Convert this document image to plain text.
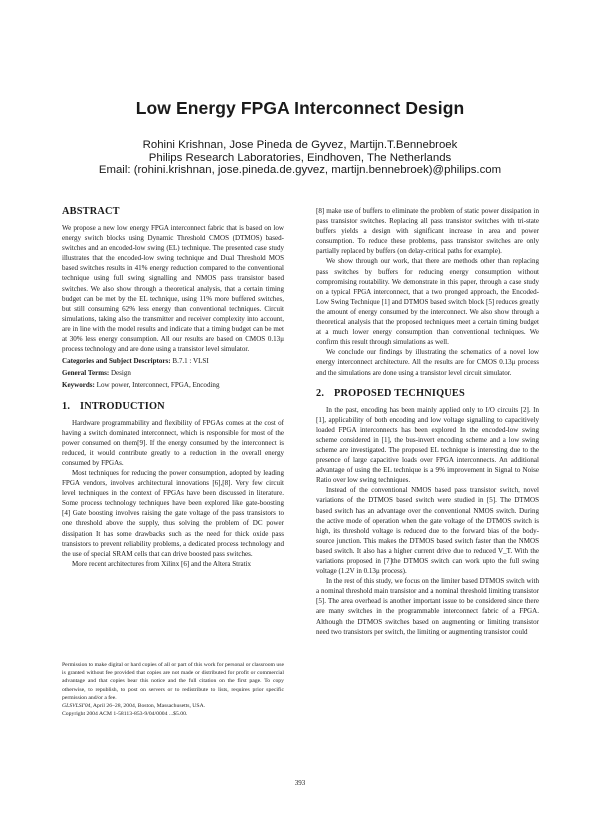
Low Energy FPGA Interconnect Design
Rohini Krishnan, Jose Pineda de Gyvez, Martijn.T.Bennebroek
Philips Research Laboratories, Eindhoven, The Netherlands
Email: (rohini.krishnan, jose.pineda.de.gyvez, martijn.bennebroek)@philips.com
ABSTRACT

We propose a new low energy FPGA interconnect fabric that is based on low energy switch blocks using Dynamic Threshold CMOS (DTMOS) based-switches and an encoded-low swing (EL) technique. The presented case study illustrates that the encoded-low swing technique and Dual Threshold MOS based switches results in 41% energy reduction compared to the conventional technique using full swing signalling and NMOS pass transistor based switches. We also show through a theoretical analysis, that a certain timing budget can be met by the EL technique, using 11% more buffered switches, but still consuming 62% less energy than conventional techniques. Circuit simulations, taking also the transmitter and receiver complexity into account, are in line with the model results and indicate that a timing budget can be met at 30% less energy consumption. All our results are based on CMOS 0.13μ process technology and are done using a transistor level simulator.

Categories and Subject Descriptors: B.7.1 : VLSI
General Terms: Design
Keywords: Low power, Interconnect, FPGA, Encoding
1. INTRODUCTION

Hardware programmability and flexibility of FPGAs comes at the cost of having a switch dominated interconnect, which is responsible for most of the power consumed on them[9]. If the energy consumed by the interconnect is reduced, it would contribute greatly to a reduction in the overall energy consumed by FPGAs.

Most techniques for reducing the power consumption, adopted by leading FPGA vendors, involves architectural innovations [6],[8]. Very few circuit level techniques in the context of FPGAs have been discussed in literature. Some process technology techniques have been explored like gate-boosting [4] Gate boosting involves raising the gate voltage of the pass transistors to one threshold above the supply, thus solving the problem of DC power dissipation It has some drawbacks such as the need for thick oxide pass transistors to prevent reliability problems, a dedicated process technology and the use of special SRAM cells that can drive boosted pass switches.

More recent architectures from Xilinx [6] and the Altera Stratix

Permission to make digital or hard copies of all or part of this work for personal or classroom use is granted without fee provided that copies are not made or distributed for profit or commercial advantage and that copies bear this notice and the full citation on the first page. To copy otherwise, to republish, to post on servers or to redistribute to lists, requires prior specific permission and/or a fee.
GLSVLSI'04, April 26–28, 2004, Boston, Massachusetts, USA.
Copyright 2004 ACM 1-58113-853-9/04/0004 ...$5.00.

[8] make use of buffers to eliminate the problem of static power dissipation in pass transistor switches. Replacing all pass transistor switches with tri-state buffers yields a design with significant increase in area and power consumption. To reduce these problems, pass transistor switches are only partially replaced by buffers (on delay-critical paths for example).

We show through our work, that there are methods other than replacing pass switches by buffers for reducing energy consumption without compromising routability. We demonstrate in this paper, through a case study on a typical FPGA interconnect, that a two pronged approach, the Encoded-Low Swing Technique [1] and DTMOS based switch block [5] reduces greatly the amount of energy consumed by the interconnect. We also show through a theoretical analysis that the proposed techniques meet a certain timing budget at a much lower energy consumption than conventional techniques. We confirm this result through simulations as well.

We conclude our findings by illustrating the schematics of a novel low energy interconnect architecture. All the results are for CMOS 0.13μ process and the simulations are done using a transistor level circuit simulator.

2. PROPOSED TECHNIQUES

In the past, encoding has been mainly applied only to I/O circuits [2]. In [1], applicability of both encoding and low voltage signalling to capacitively loaded FPGA interconnects has been explored In the encoded-low swing scheme considered in [1], the bus-invert encoding scheme and a low swing scheme are investigated. The proposed EL technique is interesting due to the presence of large capacitive loads over FPGA interconnects. An additional advantage of using the EL technique is a 9% improvement in Signal to Noise Ratio over low swing techniques.

Instead of the conventional NMOS based pass transistor switch, novel variations of the DTMOS based switch were studied in [5]. The DTMOS based switch has an advantage over the conventional NMOS switch. During the active mode of operation when the gate voltage of the DTMOS switch is high, its threshold voltage is reduced due to the forward bias of the body-source junction. This makes the DTMOS based switch faster than the NMOS based switch. It also has a higher current drive due to reduced V_T. With the variations proposed in [7]the DTMOS switch can work upto the full swing voltage (1.2V in 0.13μ process).

In the rest of this study, we focus on the limiter based DTMOS switch with a nominal threshold main transistor and a nominal threshold limiting transistor [5]. The area overhead is another important issue to be considered since there are many switches in the programmable interconnect fabric of a FPGA. Although the DTMOS switches based on augmenting or limiting transistor need two transistors per switch, the limiting or augmenting transistor could

393
